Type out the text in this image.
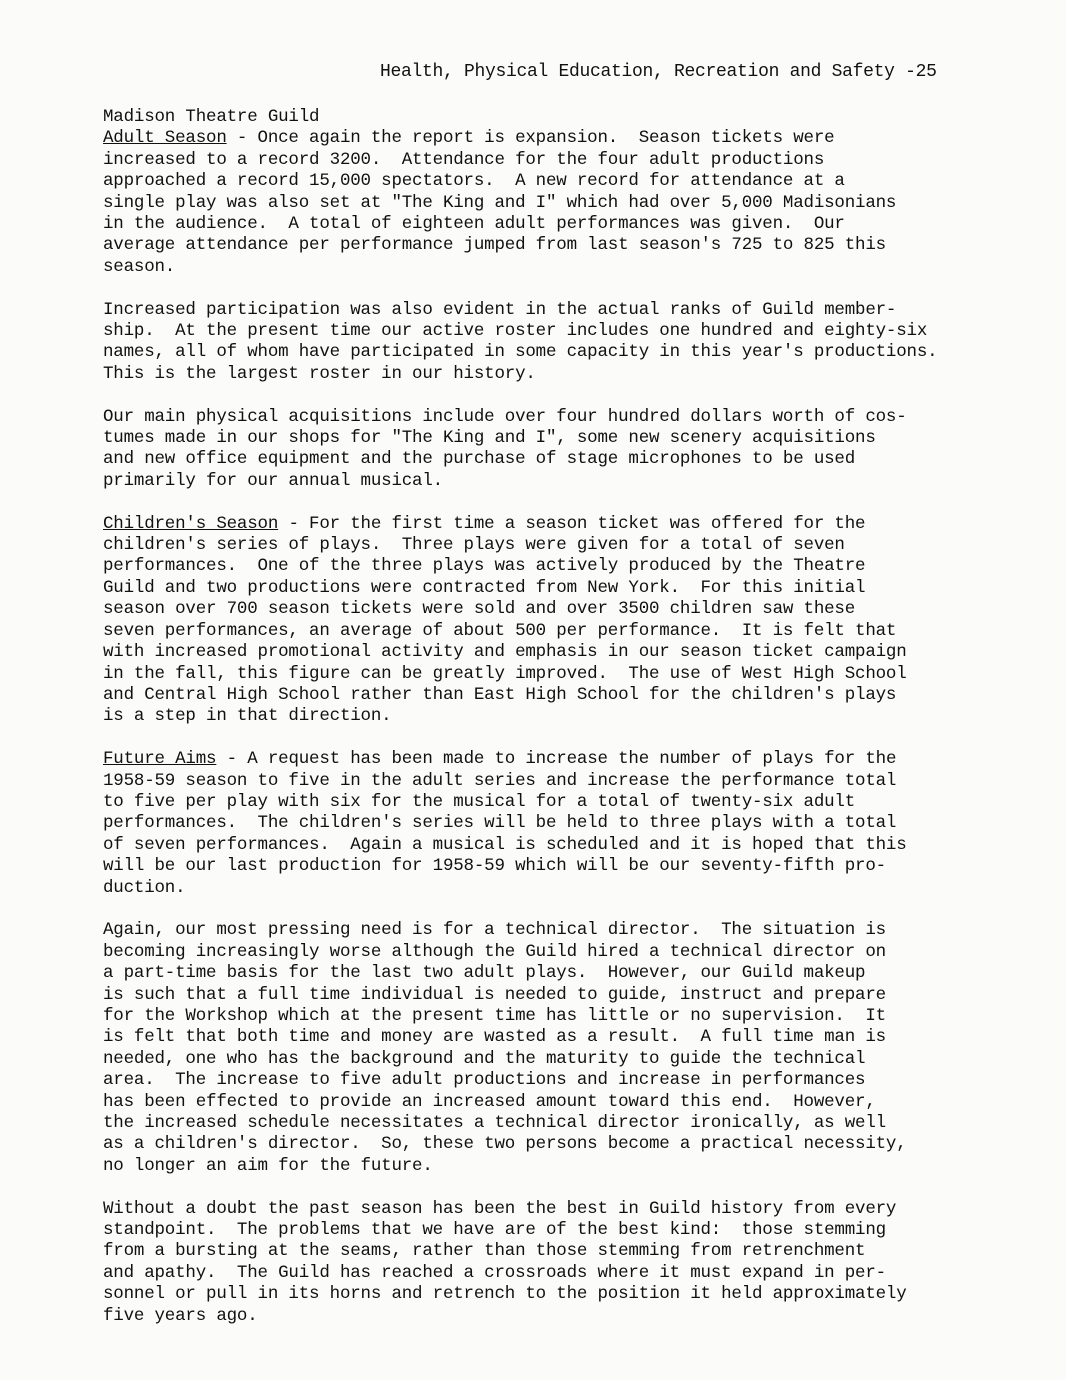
Health, Physical Education, Recreation and Safety -25
Madison Theatre Guild
Adult Season - Once again the report is expansion.  Season tickets were
increased to a record 3200.  Attendance for the four adult productions
approached a record 15,000 spectators.  A new record for attendance at a
single play was also set at "The King and I" which had over 5,000 Madisonians
in the audience.  A total of eighteen adult performances was given.  Our
average attendance per performance jumped from last season's 725 to 825 this
season.
Increased participation was also evident in the actual ranks of Guild member-
ship.  At the present time our active roster includes one hundred and eighty-six
names, all of whom have participated in some capacity in this year's productions.
This is the largest roster in our history.
Our main physical acquisitions include over four hundred dollars worth of cos-
tumes made in our shops for "The King and I", some new scenery acquisitions
and new office equipment and the purchase of stage microphones to be used
primarily for our annual musical.
Children's Season - For the first time a season ticket was offered for the
children's series of plays.  Three plays were given for a total of seven
performances.  One of the three plays was actively produced by the Theatre
Guild and two productions were contracted from New York.  For this initial
season over 700 season tickets were sold and over 3500 children saw these
seven performances, an average of about 500 per performance.  It is felt that
with increased promotional activity and emphasis in our season ticket campaign
in the fall, this figure can be greatly improved.  The use of West High School
and Central High School rather than East High School for the children's plays
is a step in that direction.
Future Aims - A request has been made to increase the number of plays for the
1958-59 season to five in the adult series and increase the performance total
to five per play with six for the musical for a total of twenty-six adult
performances.  The children's series will be held to three plays with a total
of seven performances.  Again a musical is scheduled and it is hoped that this
will be our last production for 1958-59 which will be our seventy-fifth pro-
duction.
Again, our most pressing need is for a technical director.  The situation is
becoming increasingly worse although the Guild hired a technical director on
a part-time basis for the last two adult plays.  However, our Guild makeup
is such that a full time individual is needed to guide, instruct and prepare
for the Workshop which at the present time has little or no supervision.  It
is felt that both time and money are wasted as a result.  A full time man is
needed, one who has the background and the maturity to guide the technical
area.  The increase to five adult productions and increase in performances
has been effected to provide an increased amount toward this end.  However,
the increased schedule necessitates a technical director ironically, as well
as a children's director.  So, these two persons become a practical necessity,
no longer an aim for the future.
Without a doubt the past season has been the best in Guild history from every
standpoint.  The problems that we have are of the best kind:  those stemming
from a bursting at the seams, rather than those stemming from retrenchment
and apathy.  The Guild has reached a crossroads where it must expand in per-
sonnel or pull in its horns and retrench to the position it held approximately
five years ago.
